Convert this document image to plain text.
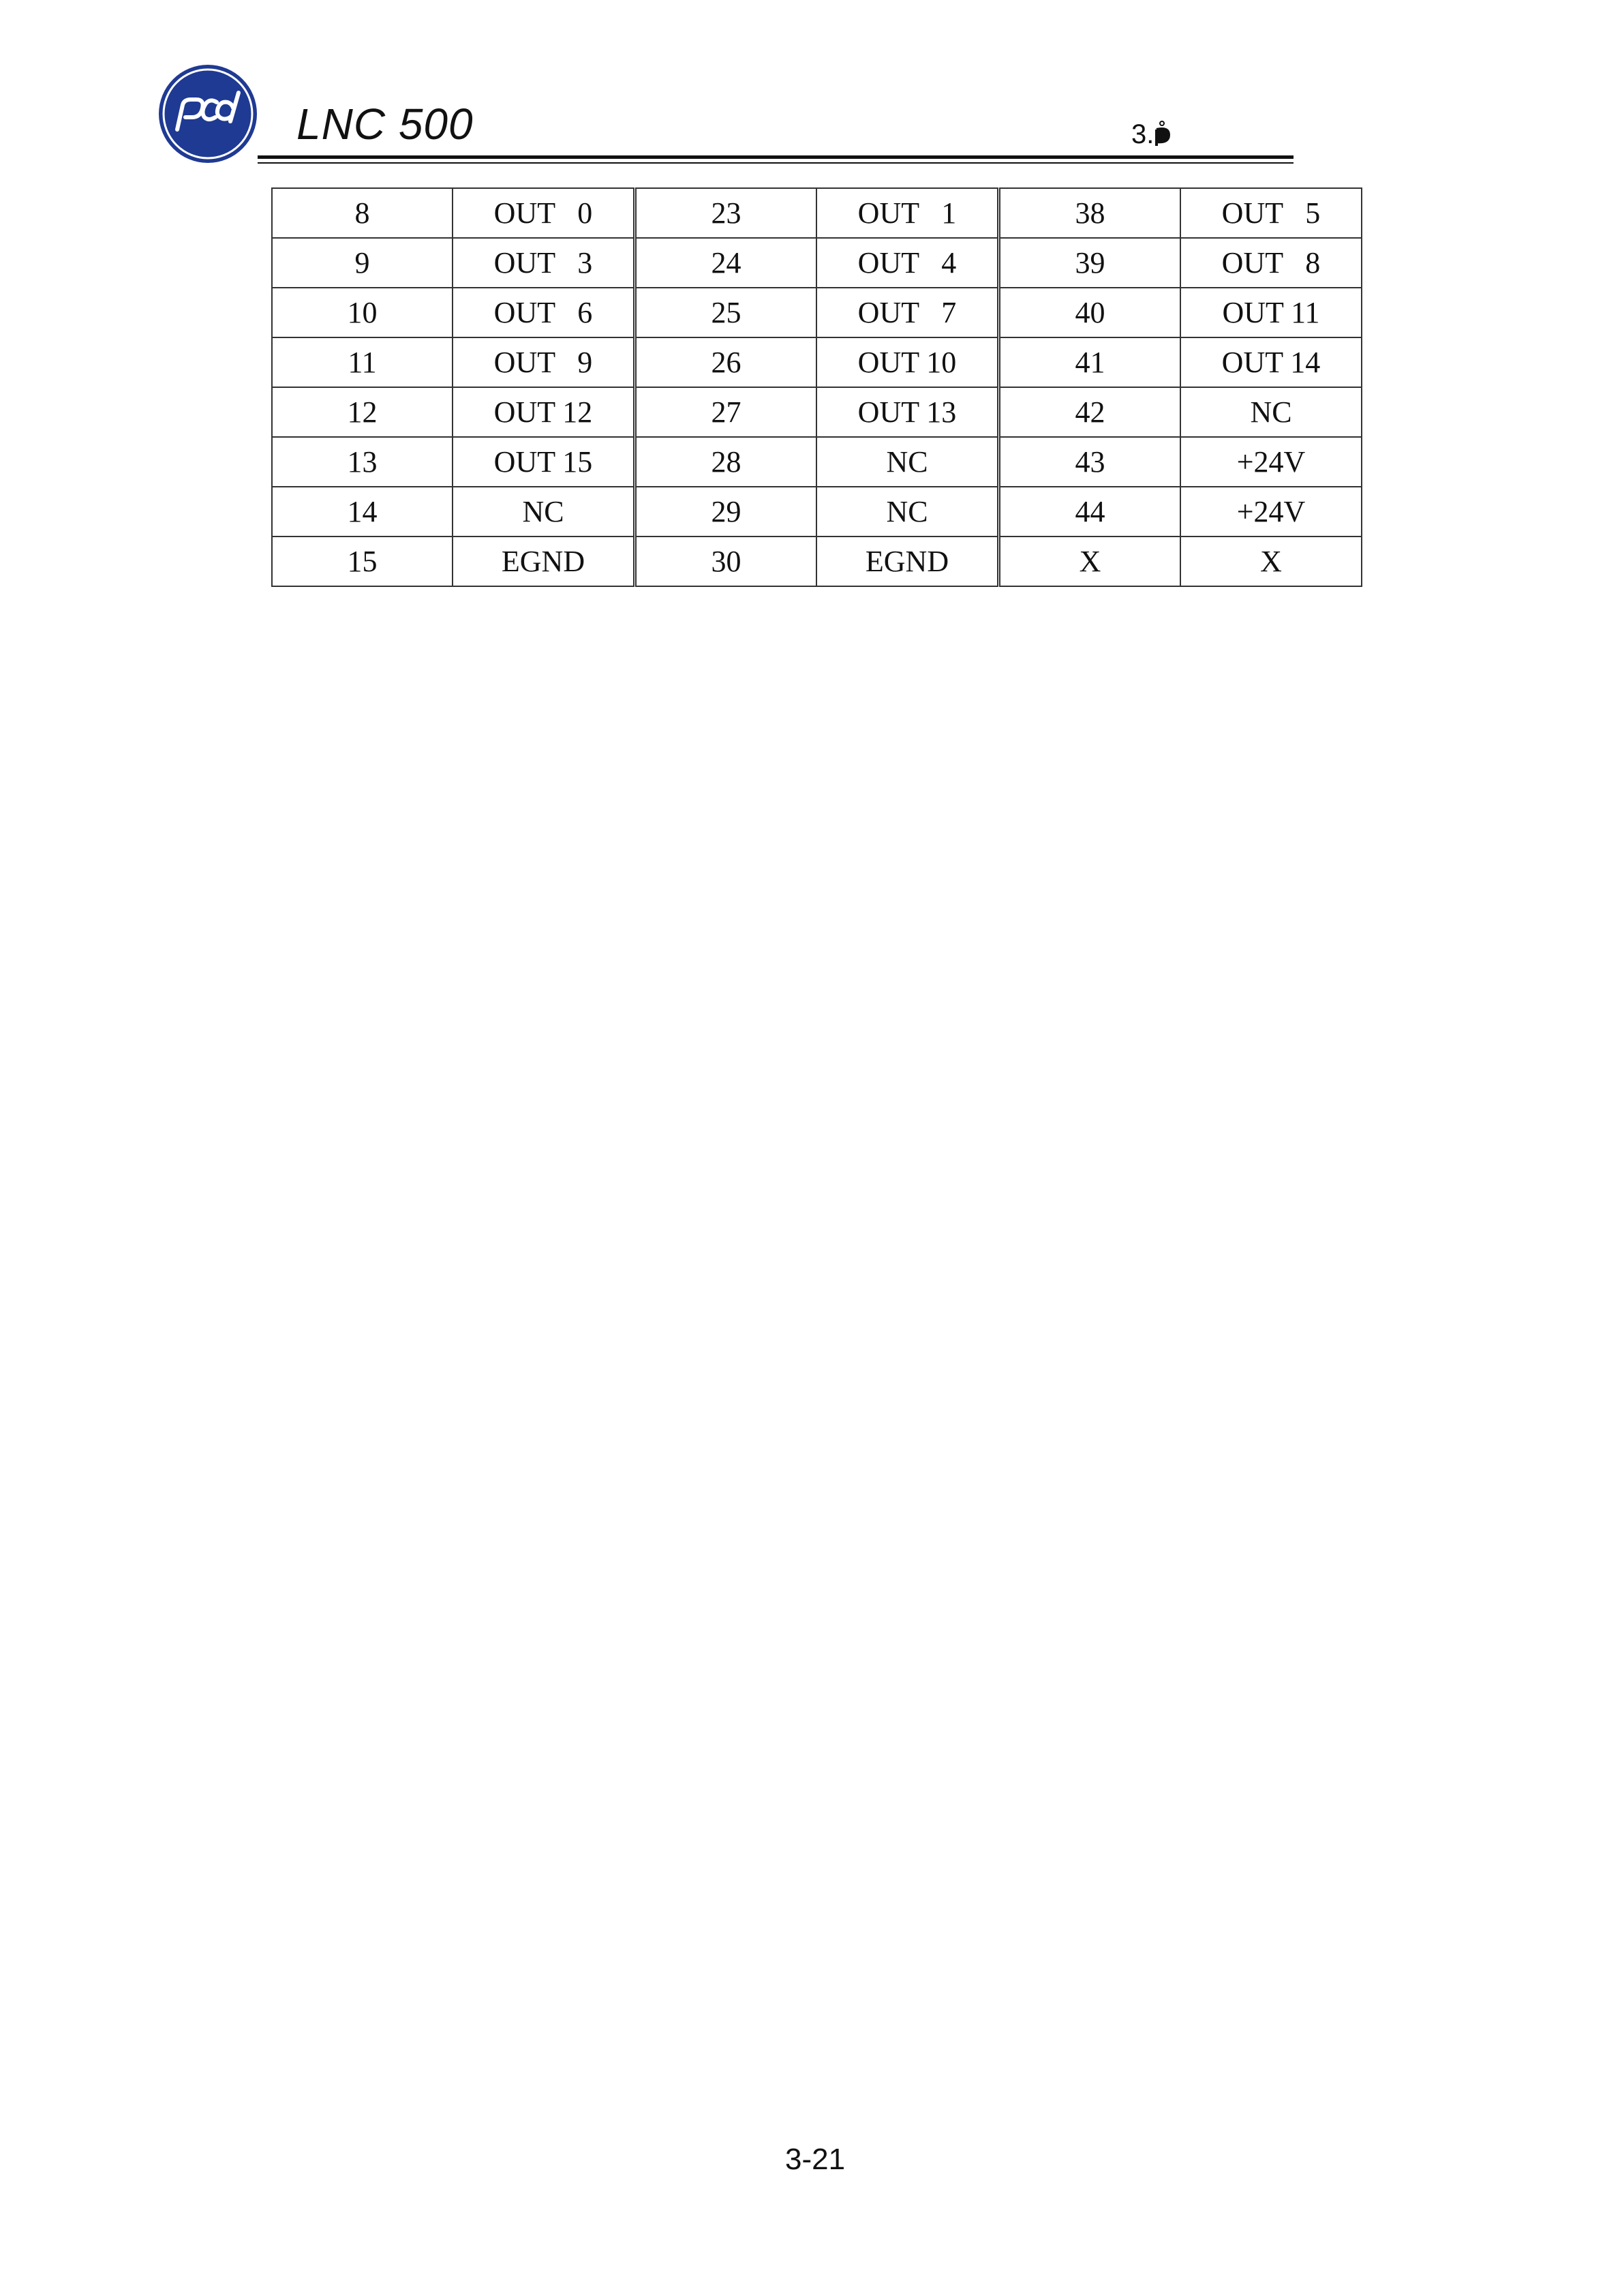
LNC 500	3.
8	OUT   0	23	OUT   1	38	OUT   5
9	OUT   3	24	OUT   4	39	OUT   8
10	OUT   6	25	OUT   7	40	OUT 11
11	OUT   9	26	OUT 10	41	OUT 14
12	OUT 12	27	OUT 13	42	NC
13	OUT 15	28	NC	43	+24V
14	NC	29	NC	44	+24V
15	EGND	30	EGND	X	X
3-21
